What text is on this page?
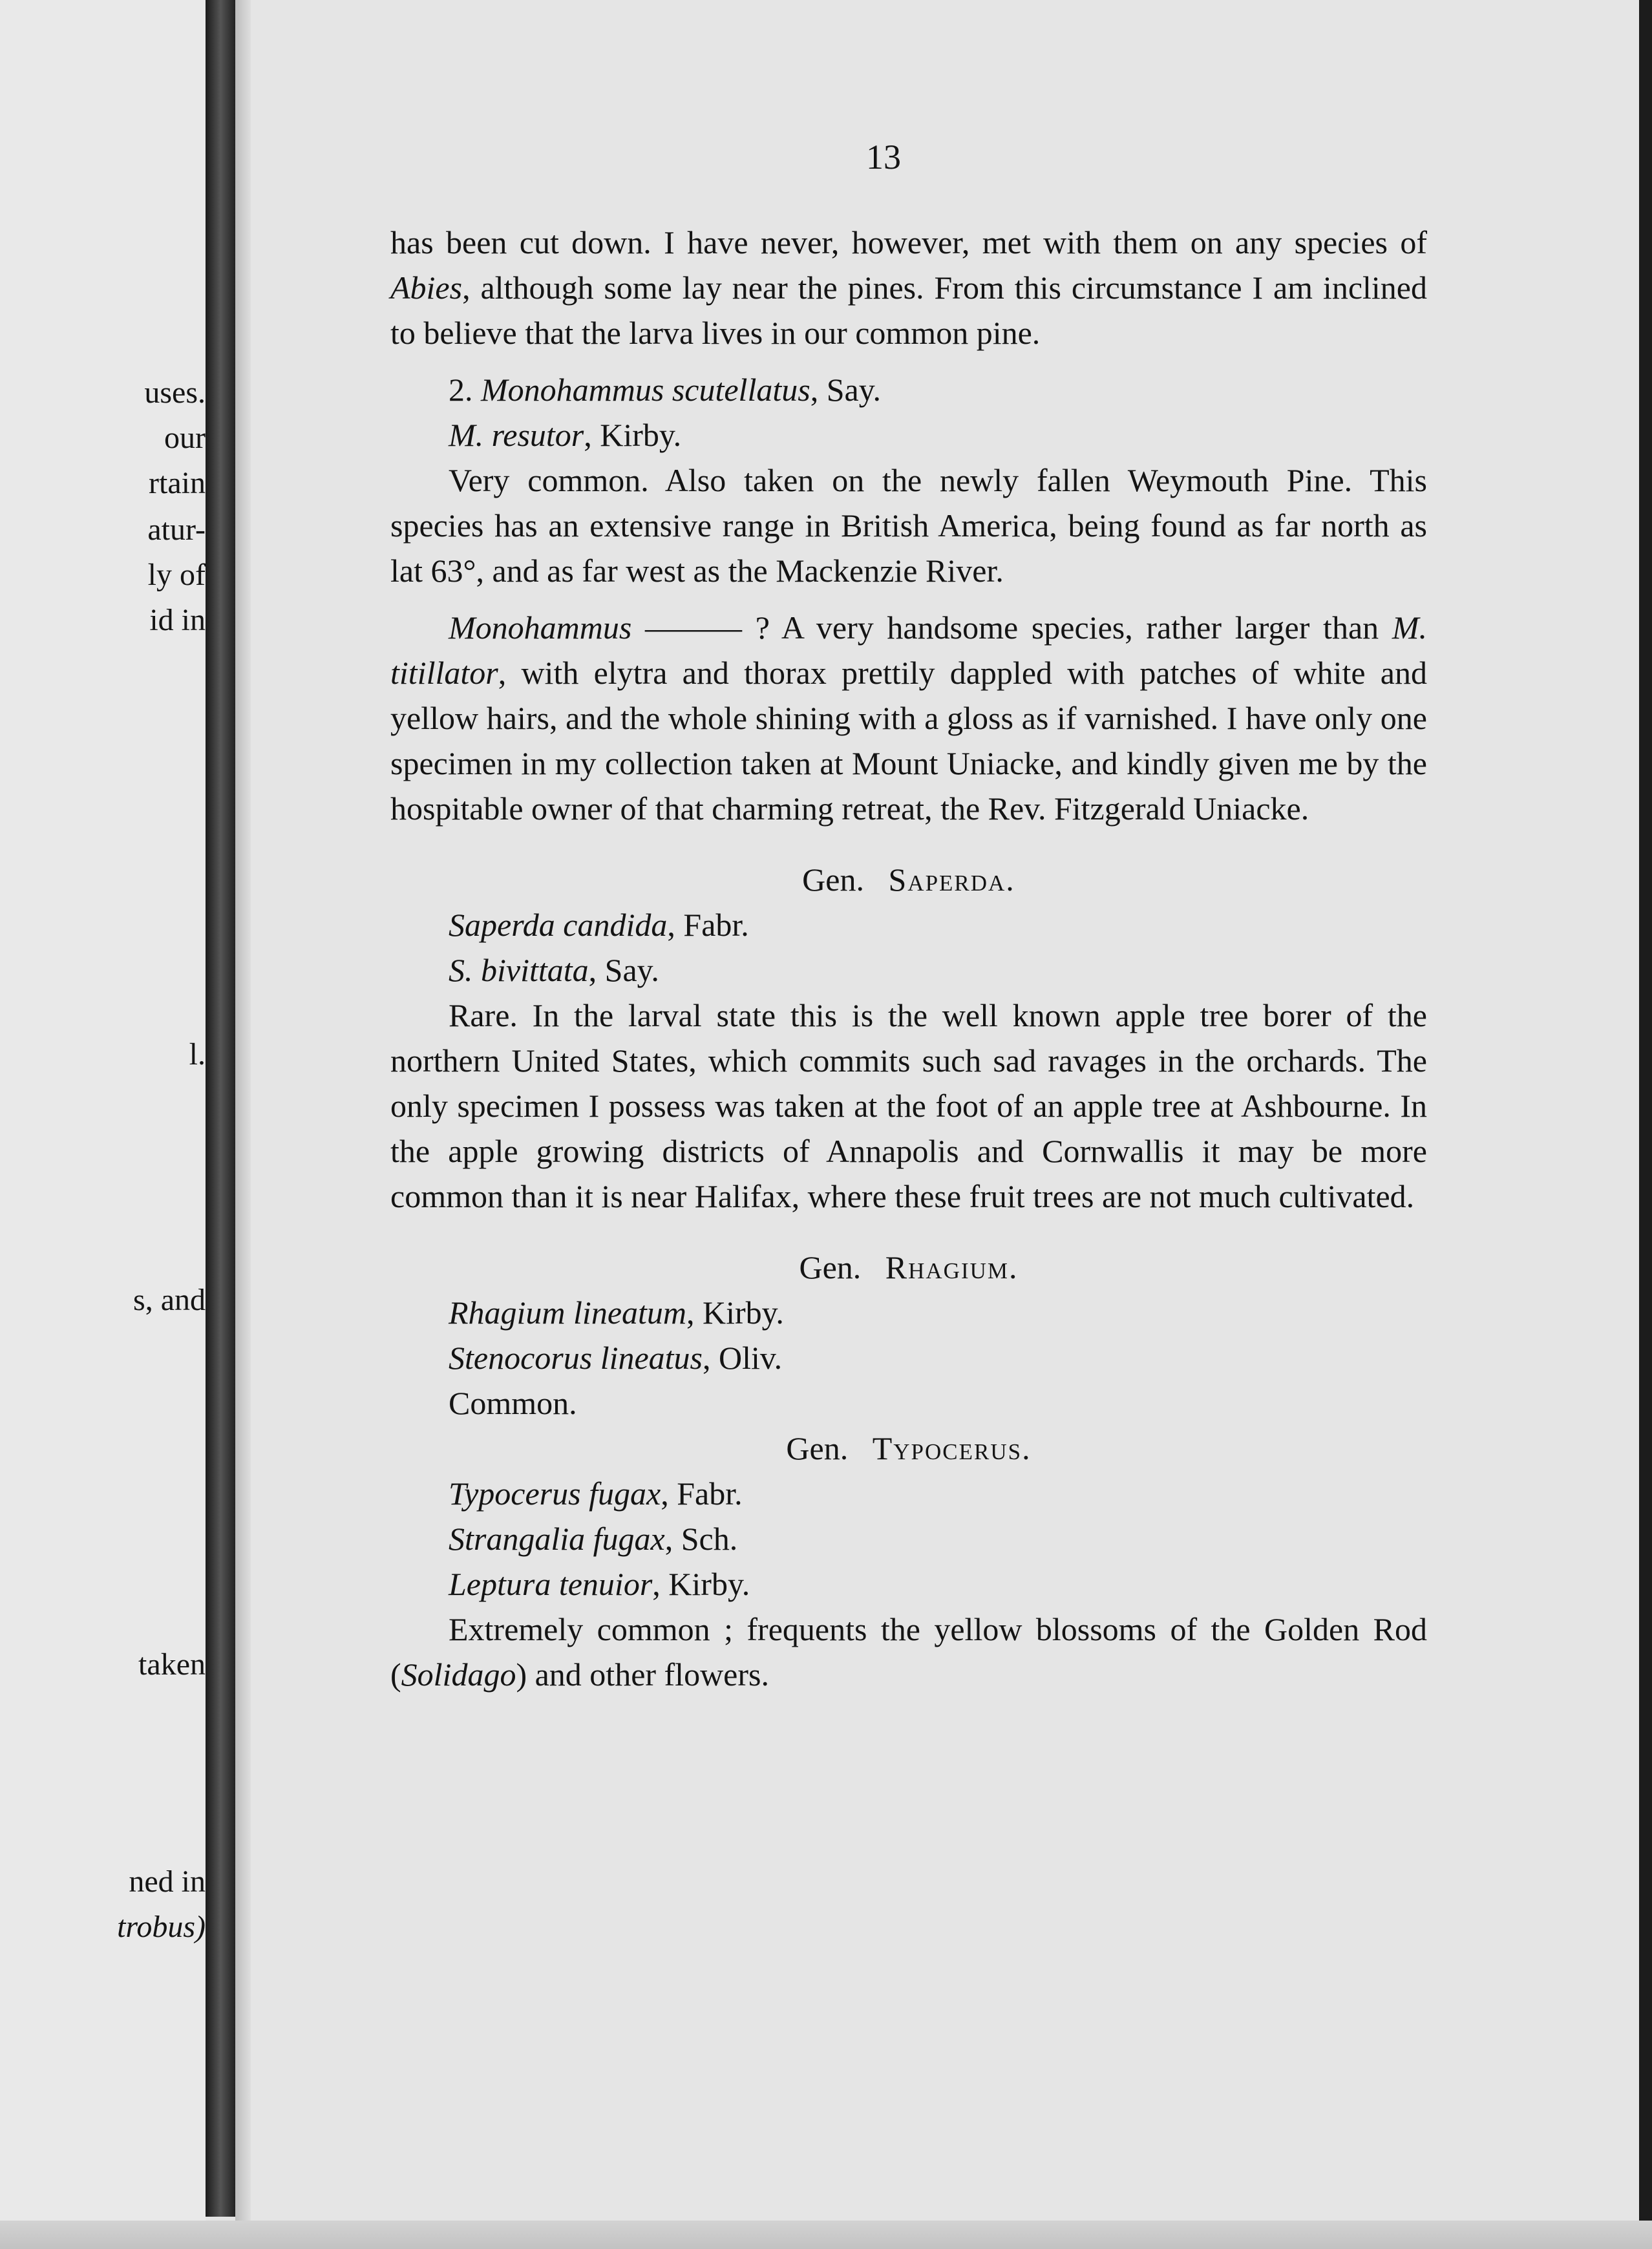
uses.
our
rtain
atur-
ly of
id in
l.
s, and
taken
ned in
trobus)
13

has been cut down. I have never, however, met with them on any species of Abies, although some lay near the pines. From this circumstance I am inclined to believe that the larva lives in our common pine.

2. Monohammus scutellatus, Say.

M. resutor, Kirby.

Very common. Also taken on the newly fallen Weymouth Pine. This species has an extensive range in British America, being found as far north as lat 63°, and as far west as the Mackenzie River.

Monohammus ——— ? A very handsome species, rather larger than M. titillator, with elytra and thorax prettily dappled with patches of white and yellow hairs, and the whole shining with a gloss as if varnished. I have only one specimen in my collection taken at Mount Uniacke, and kindly given me by the hospitable owner of that charming retreat, the Rev. Fitzgerald Uniacke.

Gen. Saperda.

Saperda candida, Fabr.

S. bivittata, Say.

Rare. In the larval state this is the well known apple tree borer of the northern United States, which commits such sad ravages in the orchards. The only specimen I possess was taken at the foot of an apple tree at Ashbourne. In the apple growing districts of Annapolis and Cornwallis it may be more common than it is near Halifax, where these fruit trees are not much cultivated.

Gen. Rhagium.

Rhagium lineatum, Kirby.

Stenocorus lineatus, Oliv.

Common.

Gen. Typocerus.

Typocerus fugax, Fabr.

Strangalia fugax, Sch.

Leptura tenuior, Kirby.

Extremely common ; frequents the yellow blossoms of the Golden Rod (Solidago) and other flowers.
